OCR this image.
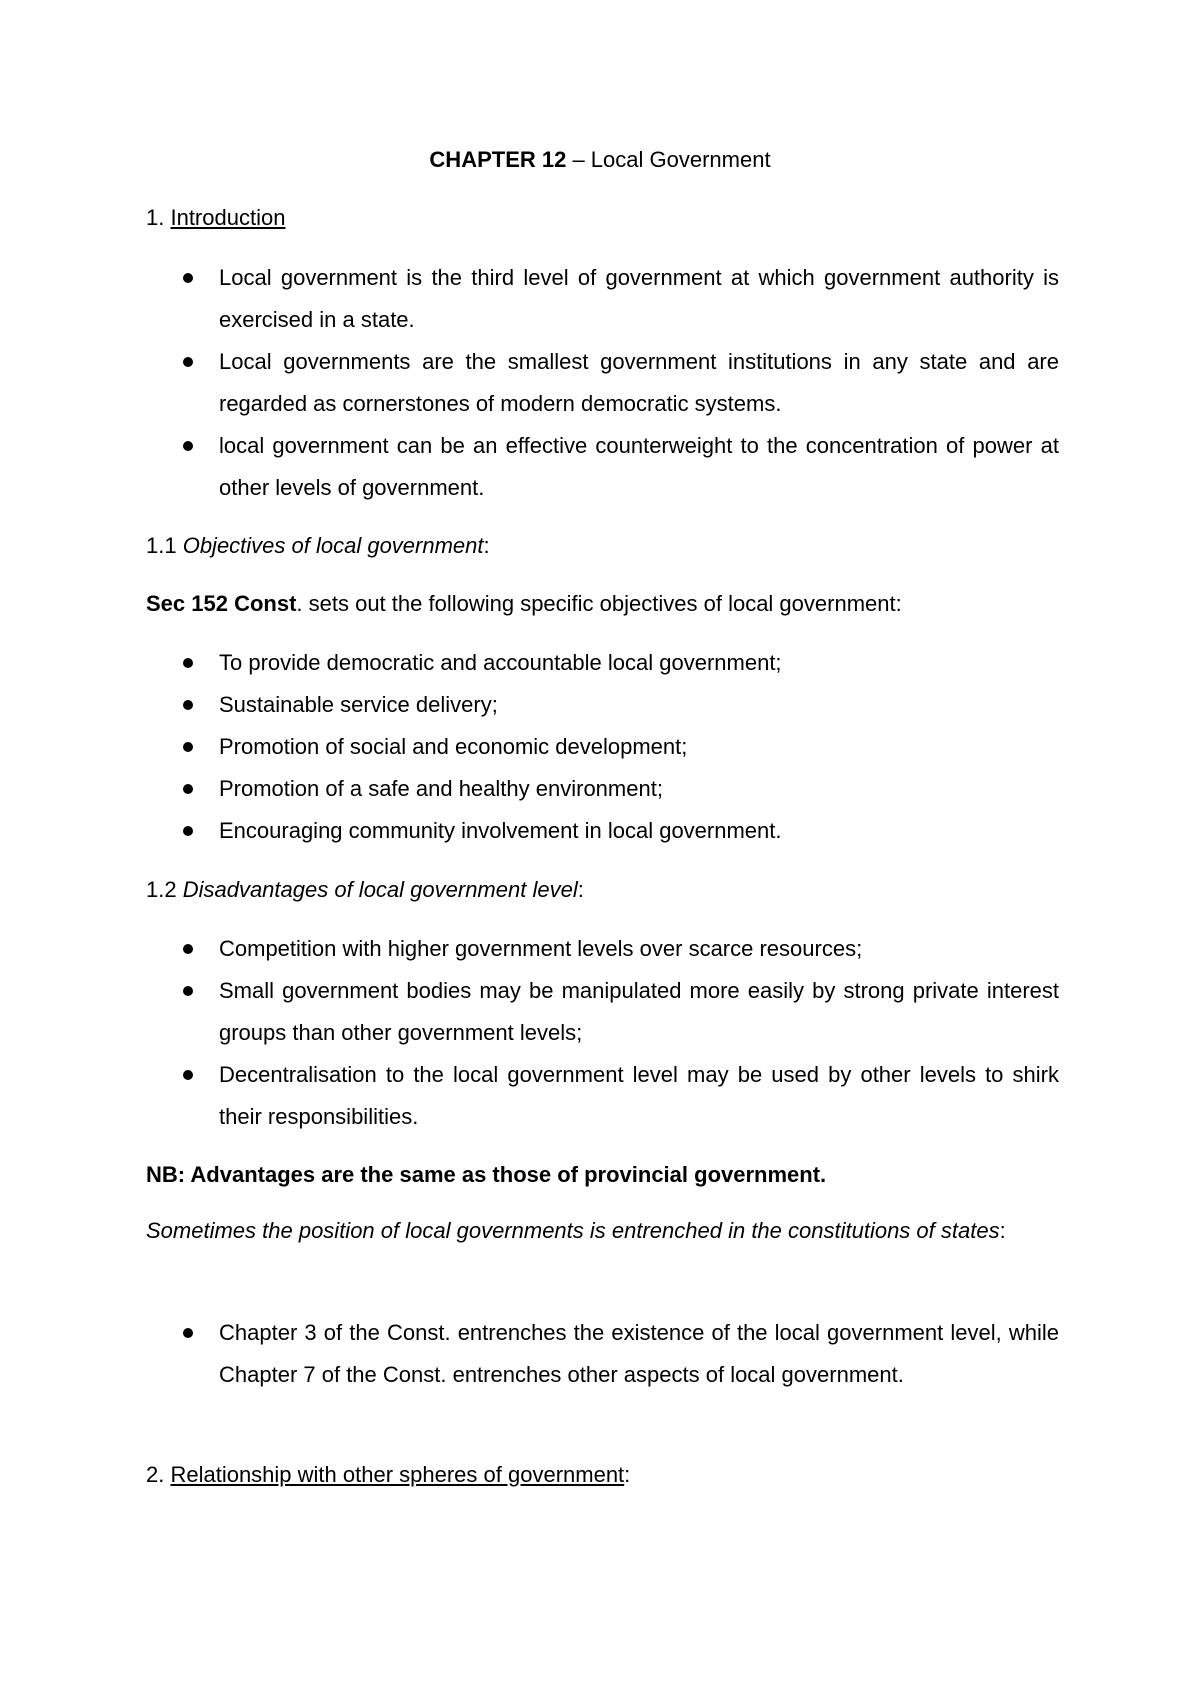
CHAPTER 12 – Local Government
1. Introduction
Local government is the third level of government at which government authority is exercised in a state.
Local governments are the smallest government institutions in any state and are regarded as cornerstones of modern democratic systems.
local government can be an effective counterweight to the concentration of power at other levels of government.
1.1 Objectives of local government:
Sec 152 Const. sets out the following specific objectives of local government:
To provide democratic and accountable local government;
Sustainable service delivery;
Promotion of social and economic development;
Promotion of a safe and healthy environment;
Encouraging community involvement in local government.
1.2 Disadvantages of local government level:
Competition with higher government levels over scarce resources;
Small government bodies may be manipulated more easily by strong private interest groups than other government levels;
Decentralisation to the local government level may be used by other levels to shirk their responsibilities.
NB: Advantages are the same as those of provincial government.
Sometimes the position of local governments is entrenched in the constitutions of states:
Chapter 3 of the Const. entrenches the existence of the local government level, while Chapter 7 of the Const. entrenches other aspects of local government.
2. Relationship with other spheres of government:
